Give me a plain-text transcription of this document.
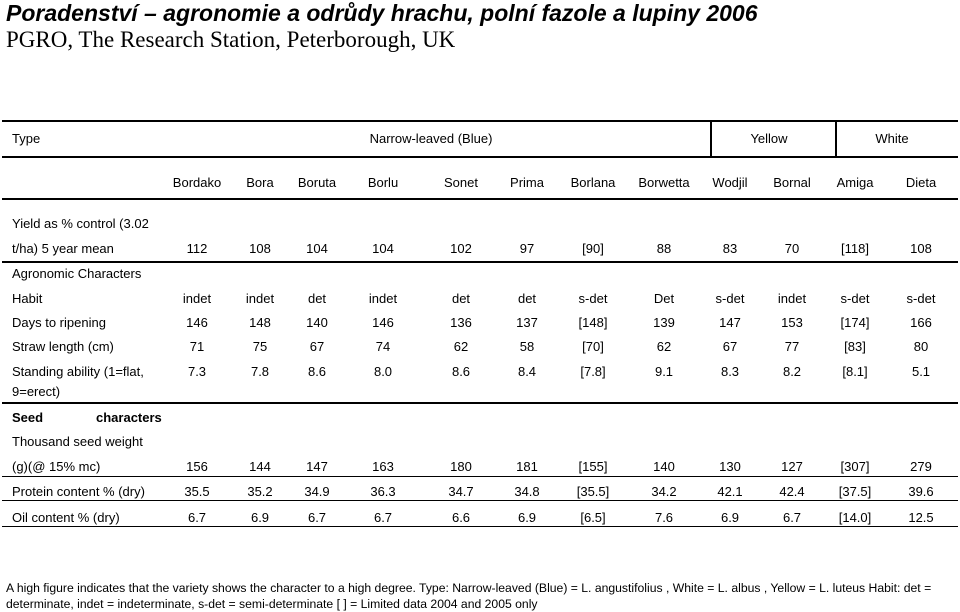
Poradenství – agronomie a odrůdy hrachu, polní fazole a lupiny 2006
PGRO, The Research Station, Peterborough, UK
Type	Narrow-leaved (Blue)	Yellow	White
Bordako Bora Boruta Borlu	Sonet Prima Borlana Borwetta Wodjil Bornal Amiga Dieta
Yield as % control (3.02
t/ha) 5 year mean	112	108	104	104	102	97	[90]	88	83	70	[118]	108
Agronomic Characters
Habit	indet	indet	det	indet	det	det	s-det	Det	s-det	indet	s-det	s-det
Days to ripening	146	148	140	146	136	137	[148]	139	147	153	[174]	166
Straw length (cm)	71	75	67	74	62	58	[70]	62	67	77	[83]	80
Standing ability (1=flat,	7.3	7.8	8.6	8.0	8.6	8.4	[7.8]	9.1	8.3	8.2	[8.1]	5.1
9=erect)
Seed	characters
Thousand seed weight
(g)(@ 15% mc)	156	144	147	163	180	181	[155]	140	130	127	[307]	279
Protein content % (dry)	35.5	35.2 34.9	36.3	34.7	34.8	[35.5]	34.2	42.1	42.4	[37.5]	39.6
Oil content % (dry)	6.7	6.9	6.7	6.7	6.6	6.9	[6.5]	7.6	6.9	6.7	[14.0]	12.5
A high figure indicates that the variety shows the character to a high degree. Type: Narrow-leaved (Blue) = L. angustifolius , White = L. albus , Yellow = L. luteus Habit: det = determinate, indet = indeterminate, s-det = semi-determinate [ ] = Limited data 2004 and 2005 only
